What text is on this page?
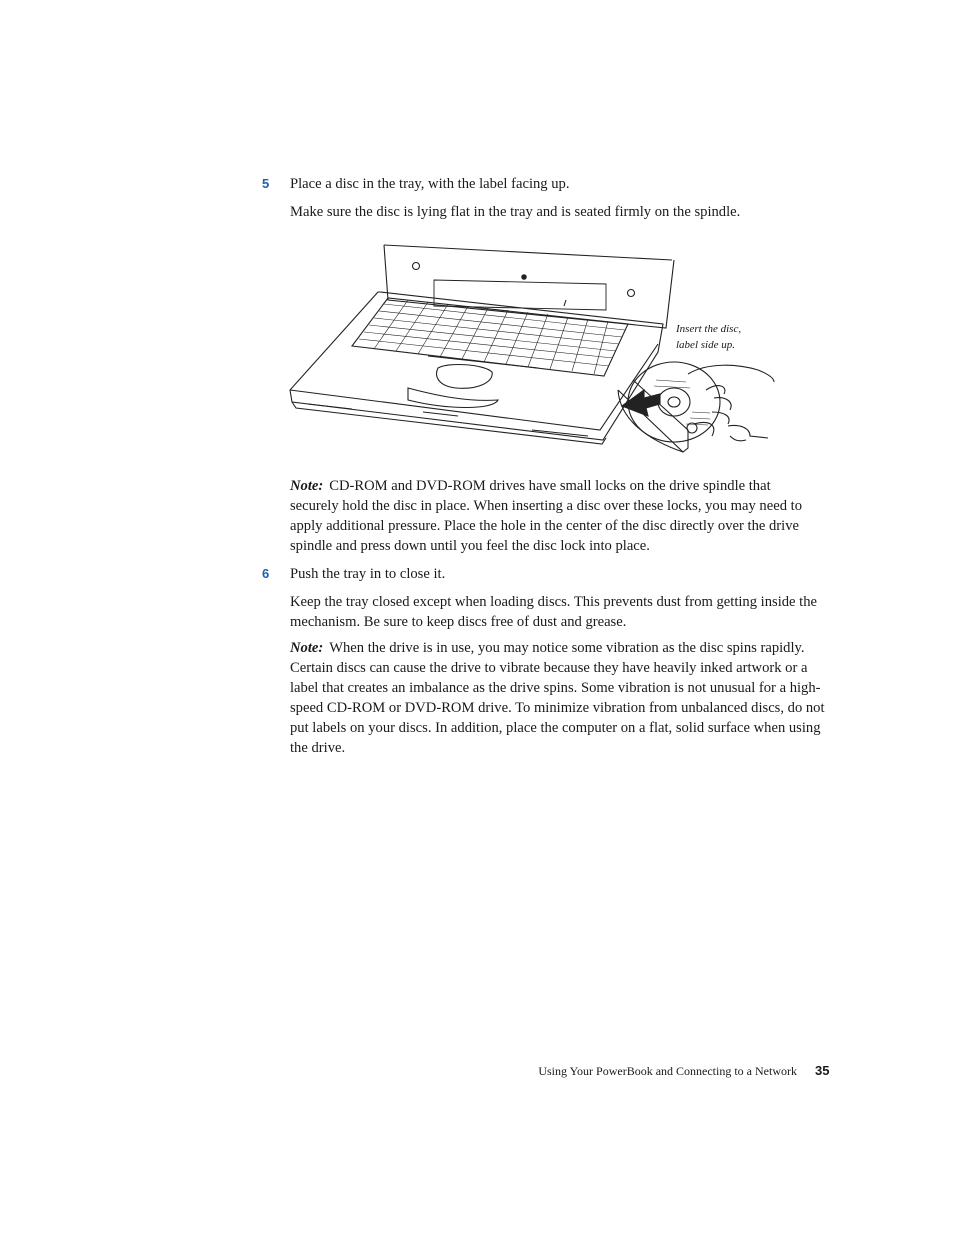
5 Place a disc in the tray, with the label facing up.

Make sure the disc is lying flat in the tray and is seated firmly on the spindle.

Insert the disc,
label side up.

Note: CD-ROM and DVD-ROM drives have small locks on the drive spindle that securely hold the disc in place. When inserting a disc over these locks, you may need to apply additional pressure. Place the hole in the center of the disc directly over the drive spindle and press down until you feel the disc lock into place.

6 Push the tray in to close it.

Keep the tray closed except when loading discs. This prevents dust from getting inside the mechanism. Be sure to keep discs free of dust and grease.

Note: When the drive is in use, you may notice some vibration as the disc spins rapidly. Certain discs can cause the drive to vibrate because they have heavily inked artwork or a label that creates an imbalance as the drive spins. Some vibration is not unusual for a high-speed CD-ROM or DVD-ROM drive. To minimize vibration from unbalanced discs, do not put labels on your discs. In addition, place the computer on a flat, solid surface when using the drive.

Using Your PowerBook and Connecting to a Network 35
